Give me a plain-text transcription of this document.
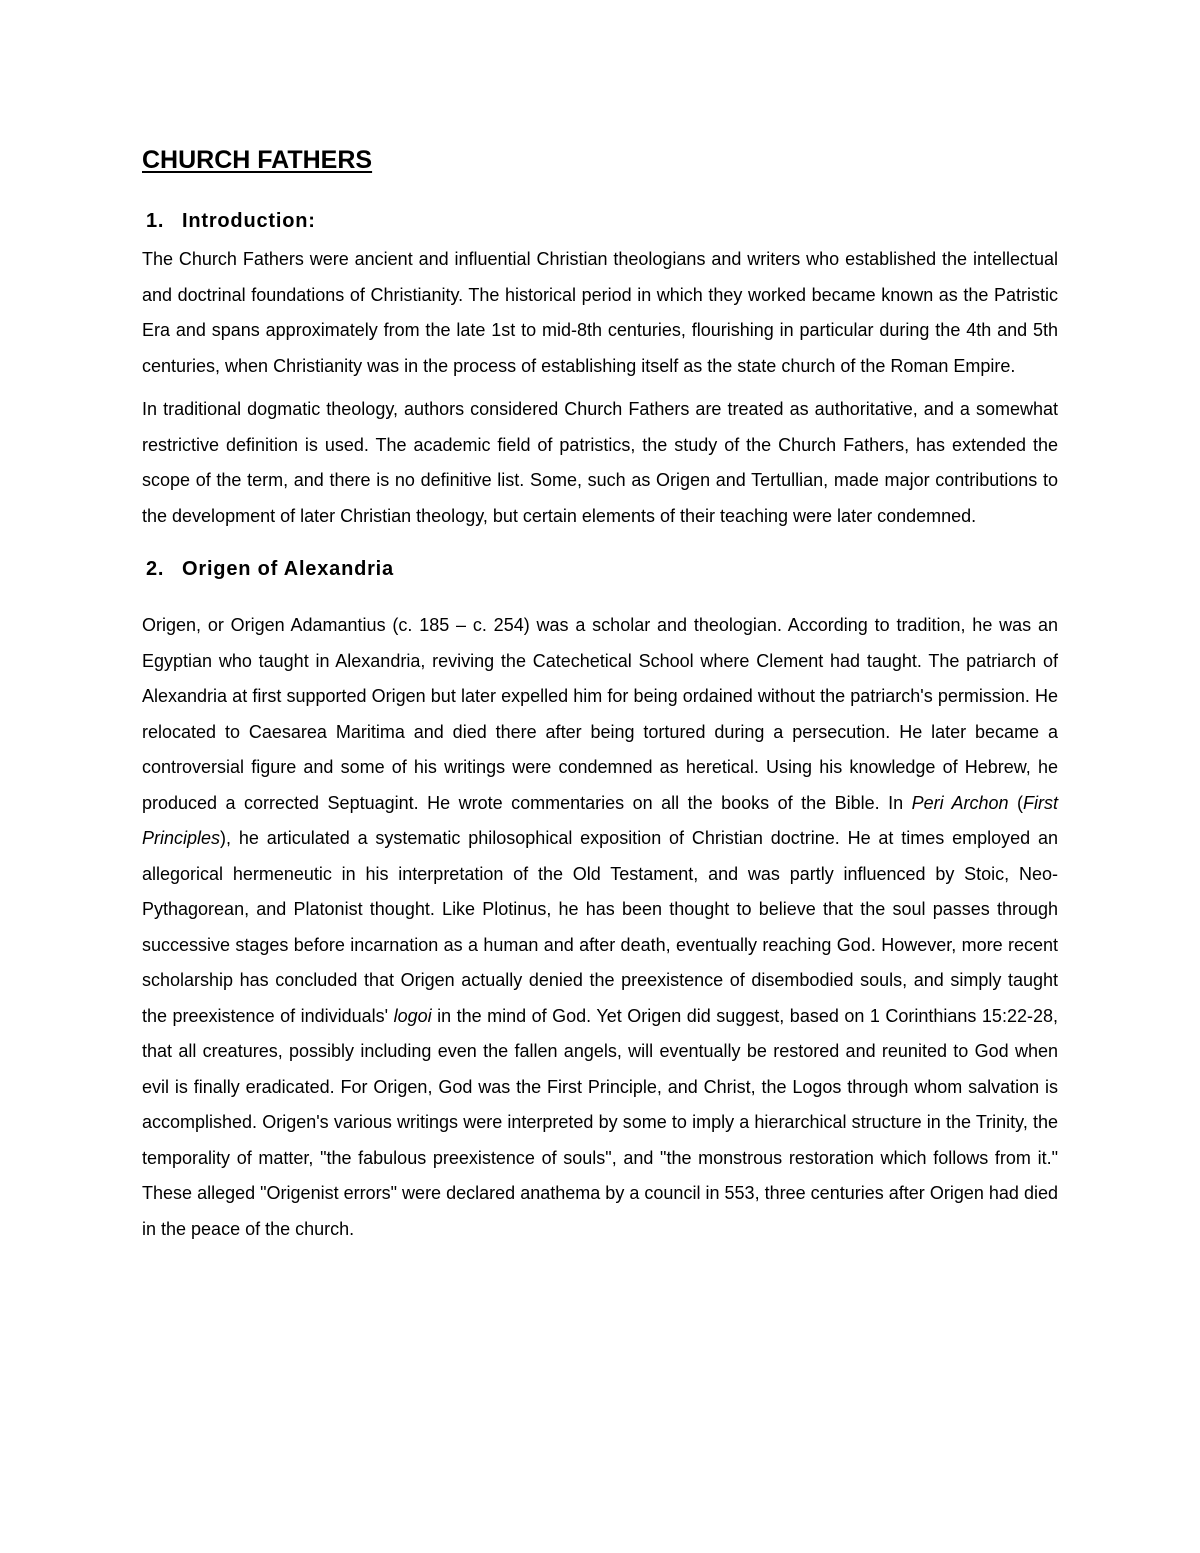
CHURCH FATHERS
1. Introduction:

The Church Fathers were ancient and influential Christian theologians and writers who established the intellectual and doctrinal foundations of Christianity. The historical period in which they worked became known as the Patristic Era and spans approximately from the late 1st to mid-8th centuries, flourishing in particular during the 4th and 5th centuries, when Christianity was in the process of establishing itself as the state church of the Roman Empire.

In traditional dogmatic theology, authors considered Church Fathers are treated as authoritative, and a somewhat restrictive definition is used. The academic field of patristics, the study of the Church Fathers, has extended the scope of the term, and there is no definitive list. Some, such as Origen and Tertullian, made major contributions to the development of later Christian theology, but certain elements of their teaching were later condemned.

2. Origen of Alexandria

Origen, or Origen Adamantius (c. 185 – c. 254) was a scholar and theologian. According to tradition, he was an Egyptian who taught in Alexandria, reviving the Catechetical School where Clement had taught. The patriarch of Alexandria at first supported Origen but later expelled him for being ordained without the patriarch's permission. He relocated to Caesarea Maritima and died there after being tortured during a persecution. He later became a controversial figure and some of his writings were condemned as heretical. Using his knowledge of Hebrew, he produced a corrected Septuagint. He wrote commentaries on all the books of the Bible. In Peri Archon (First Principles), he articulated a systematic philosophical exposition of Christian doctrine. He at times employed an allegorical hermeneutic in his interpretation of the Old Testament, and was partly influenced by Stoic, Neo-Pythagorean, and Platonist thought. Like Plotinus, he has been thought to believe that the soul passes through successive stages before incarnation as a human and after death, eventually reaching God. However, more recent scholarship has concluded that Origen actually denied the preexistence of disembodied souls, and simply taught the preexistence of individuals' logoi in the mind of God. Yet Origen did suggest, based on 1 Corinthians 15:22-28, that all creatures, possibly including even the fallen angels, will eventually be restored and reunited to God when evil is finally eradicated. For Origen, God was the First Principle, and Christ, the Logos through whom salvation is accomplished. Origen's various writings were interpreted by some to imply a hierarchical structure in the Trinity, the temporality of matter, "the fabulous preexistence of souls", and "the monstrous restoration which follows from it." These alleged "Origenist errors" were declared anathema by a council in 553, three centuries after Origen had died in the peace of the church.
